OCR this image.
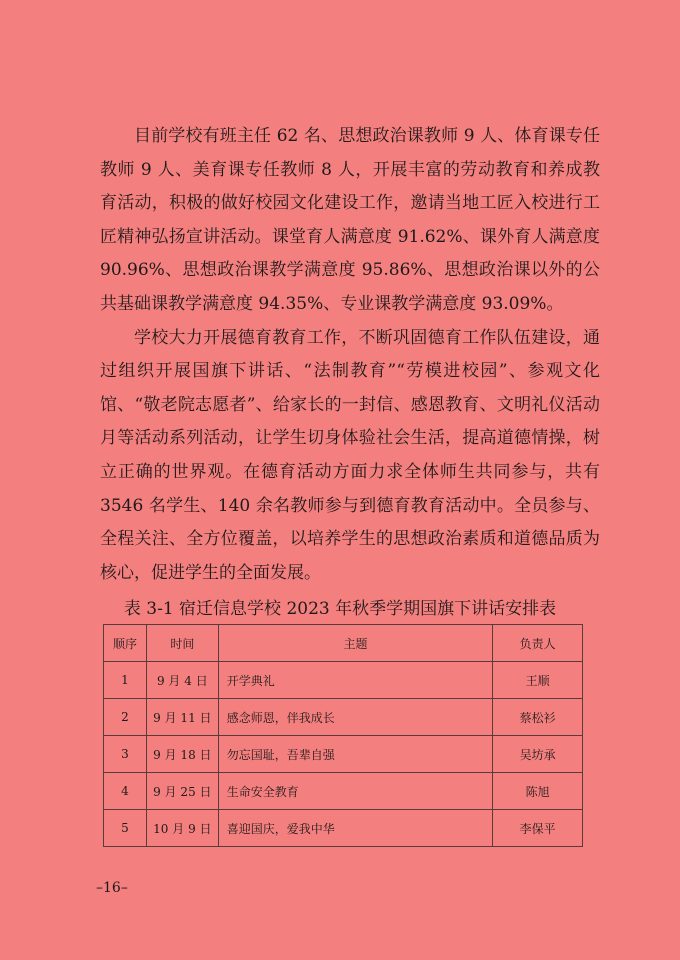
目前学校有班主任 62 名、思想政治课教师 9 人、体育课专任教师 9 人、美育课专任教师 8 人，开展丰富的劳动教育和养成教育活动，积极的做好校园文化建设工作，邀请当地工匠入校进行工匠精神弘扬宣讲活动。课堂育人满意度 91.62%、课外育人满意度 90.96%、思想政治课教学满意度 95.86%、思想政治课以外的公共基础课教学满意度 94.35%、专业课教学满意度 93.09%。

学校大力开展德育教育工作，不断巩固德育工作队伍建设，通过组织开展国旗下讲话、“法制教育”“劳模进校园”、参观文化馆、“敬老院志愿者”、给家长的一封信、感恩教育、文明礼仪活动月等活动系列活动，让学生切身体验社会生活，提高道德情操，树立正确的世界观。在德育活动方面力求全体师生共同参与，共有 3546 名学生、140 余名教师参与到德育教育活动中。全员参与、全程关注、全方位覆盖，以培养学生的思想政治素质和道德品质为核心，促进学生的全面发展。

表 3-1 宿迁信息学校 2023 年秋季学期国旗下讲话安排表
顺序	时间	主题	负责人
1	9 月 4 日	开学典礼	王顺
2	9 月 11 日	感念师恩，伴我成长	蔡松衫
3	9 月 18 日	勿忘国耻，吾辈自强	吴坊承
4	9 月 25 日	生命安全教育	陈旭
5	10 月 9 日	喜迎国庆，爱我中华	李保平
–16–
